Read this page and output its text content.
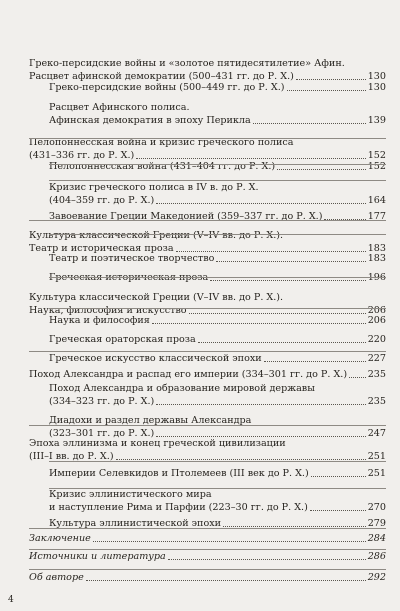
Греко-персидские войны и «золотое пятидесятилетие» Афин.
Расцвет афинской демократии (500–431 гг. до Р. Х.)	130
Греко-персидские войны (500–449 гг. до Р. Х.)	130
Расцвет Афинского полиса.
Афинская демократия в эпоху Перикла	139
Пелопоннесская война и кризис греческого полиса
(431–336 гг. до Р. Х.)	152
Пелопоннесская война (431–404 гг. до Р. Х.)	152
Кризис греческого полиса в IV в. до Р. Х.
(404–359 гг. до Р. Х.)	164
Завоевание Греции Македонией (359–337 гг. до Р. Х.)	177
Культура классической Греции (V–IV вв. до Р. Х.).
Театр и историческая проза	183
Театр и поэтическое творчество	183
Греческая историческая проза	196
Культура классической Греции (V–IV вв. до Р. Х.).
Наука, философия и искусство	206
Наука и философия	206
Греческая ораторская проза	220
Греческое искусство классической эпохи	227
Поход Александра и распад его империи (334–301 гг. до Р. Х.) 235
Поход Александра и образование мировой державы
(334–323 гг. до Р. Х.)	235
Диадохи и раздел державы Александра
(323–301 гг. до Р. Х.)	247
Эпоха эллинизма и конец греческой цивилизации
(III–I вв. до Р. Х.)	251
Империи Селевкидов и Птолемеев (III век до Р. Х.)	251
Кризис эллинистического мира
и наступление Рима и Парфии (223–30 гг. до Р. Х.)	270
Культура эллинистической эпохи	279
Заключение	284
Источники и литература	286
Об авторе	292
4
